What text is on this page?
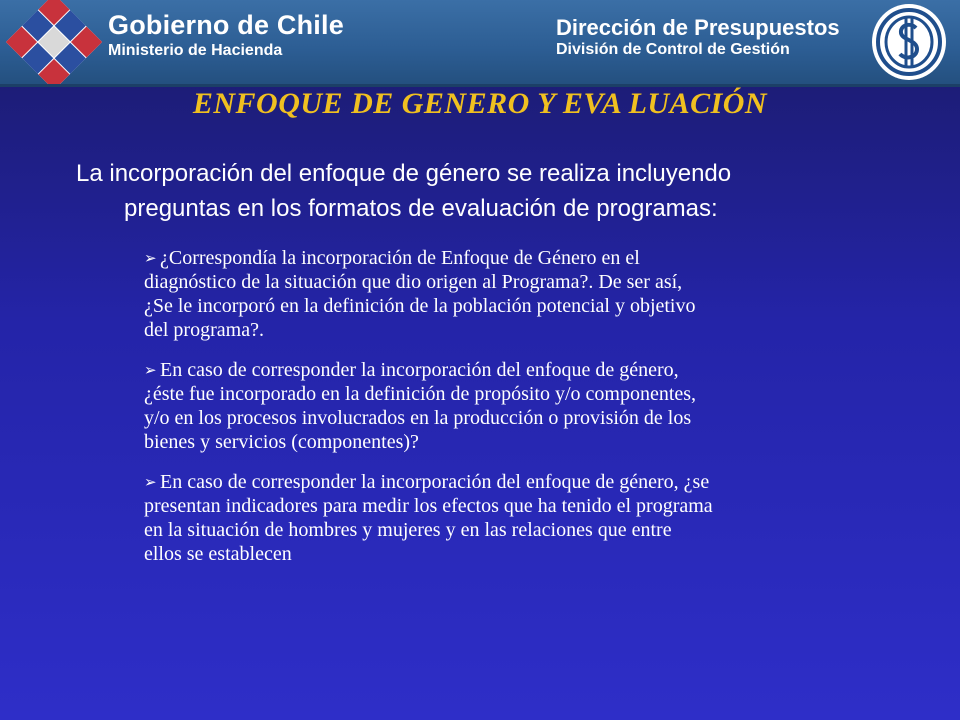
Gobierno de Chile
Ministerio de Hacienda
Dirección de Presupuestos
División de Control de Gestión
ENFOQUE DE GENERO Y EVA LUACIÓN
La incorporación del enfoque de género se realiza incluyendo
preguntas en los formatos de evaluación de programas:
➢ ¿Correspondía la incorporación de Enfoque de Género en el
diagnóstico de la situación que dio origen al Programa?. De ser así,
¿Se le incorporó en la definición de la población potencial y objetivo
del programa?.
➢ En caso de corresponder la incorporación del enfoque de género,
¿éste fue incorporado en la definición de propósito y/o componentes,
y/o en los procesos involucrados en la producción o provisión de los
bienes y servicios (componentes)?
➢ En caso de corresponder la incorporación del enfoque de género, ¿se
presentan indicadores para medir los efectos que ha tenido el programa
en la situación de hombres y mujeres y en las relaciones que entre
ellos se establecen
